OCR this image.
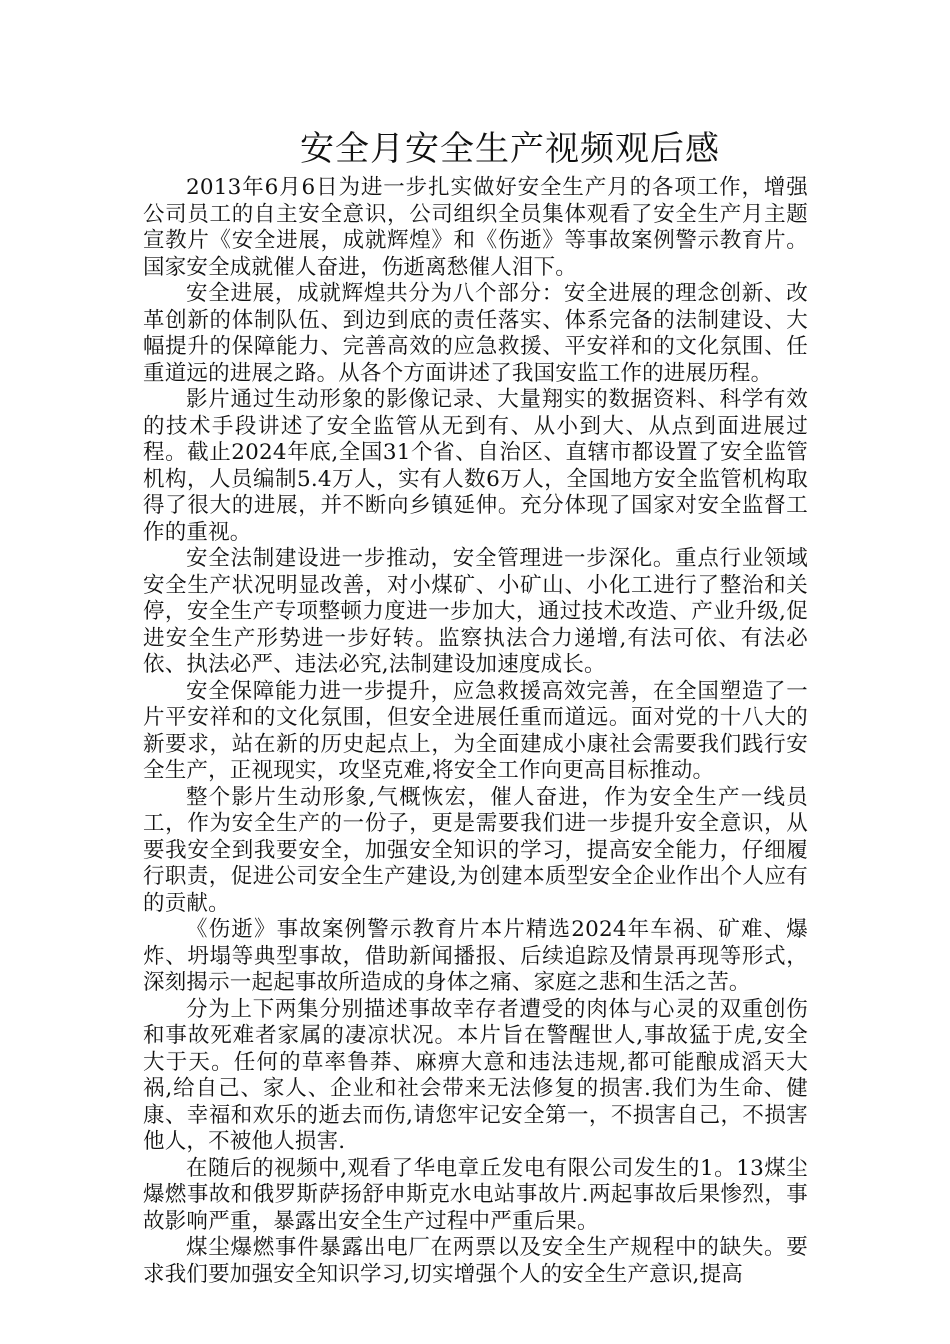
安全月安全生产视频观后感

2013年6月6日为进一步扎实做好安全生产月的各项工作，增强公司员工的自主安全意识，公司组织全员集体观看了安全生产月主题宣教片《安全进展，成就辉煌》和《伤逝》等事故案例警示教育片。国家安全成就催人奋进，伤逝离愁催人泪下。

安全进展，成就辉煌共分为八个部分：安全进展的理念创新、改革创新的体制队伍、到边到底的责任落实、体系完备的法制建设、大幅提升的保障能力、完善高效的应急救援、平安祥和的文化氛围、任重道远的进展之路。从各个方面讲述了我国安监工作的进展历程。

影片通过生动形象的影像记录、大量翔实的数据资料、科学有效的技术手段讲述了安全监管从无到有、从小到大、从点到面进展过程。截止2024年底,全国31个省、自治区、直辖市都设置了安全监管机构，人员编制5.4万人，实有人数6万人，全国地方安全监管机构取得了很大的进展，并不断向乡镇延伸。充分体现了国家对安全监督工作的重视。

安全法制建设进一步推动，安全管理进一步深化。重点行业领域安全生产状况明显改善，对小煤矿、小矿山、小化工进行了整治和关停，安全生产专项整顿力度进一步加大，通过技术改造、产业升级,促进安全生产形势进一步好转。监察执法合力递增,有法可依、有法必依、执法必严、违法必究,法制建设加速度成长。

安全保障能力进一步提升，应急救援高效完善，在全国塑造了一片平安祥和的文化氛围，但安全进展任重而道远。面对党的十八大的新要求，站在新的历史起点上，为全面建成小康社会需要我们践行安全生产，正视现实，攻坚克难,将安全工作向更高目标推动。

整个影片生动形象,气概恢宏，催人奋进，作为安全生产一线员工，作为安全生产的一份子，更是需要我们进一步提升安全意识，从要我安全到我要安全，加强安全知识的学习，提高安全能力，仔细履行职责，促进公司安全生产建设,为创建本质型安全企业作出个人应有的贡献。

《伤逝》事故案例警示教育片本片精选2024年车祸、矿难、爆炸、坍塌等典型事故，借助新闻播报、后续追踪及情景再现等形式，深刻揭示一起起事故所造成的身体之痛、家庭之悲和生活之苦。

分为上下两集分别描述事故幸存者遭受的肉体与心灵的双重创伤和事故死难者家属的凄凉状况。本片旨在警醒世人,事故猛于虎,安全大于天。任何的草率鲁莽、麻痹大意和违法违规,都可能酿成滔天大祸,给自己、家人、企业和社会带来无法修复的损害.我们为生命、健康、幸福和欢乐的逝去而伤,请您牢记安全第一，不损害自己，不损害他人，不被他人损害.

在随后的视频中,观看了华电章丘发电有限公司发生的1。13煤尘爆燃事故和俄罗斯萨扬舒申斯克水电站事故片.两起事故后果惨烈，事故影响严重，暴露出安全生产过程中严重后果。

煤尘爆燃事件暴露出电厂在两票以及安全生产规程中的缺失。要求我们要加强安全知识学习,切实增强个人的安全生产意识,提高
